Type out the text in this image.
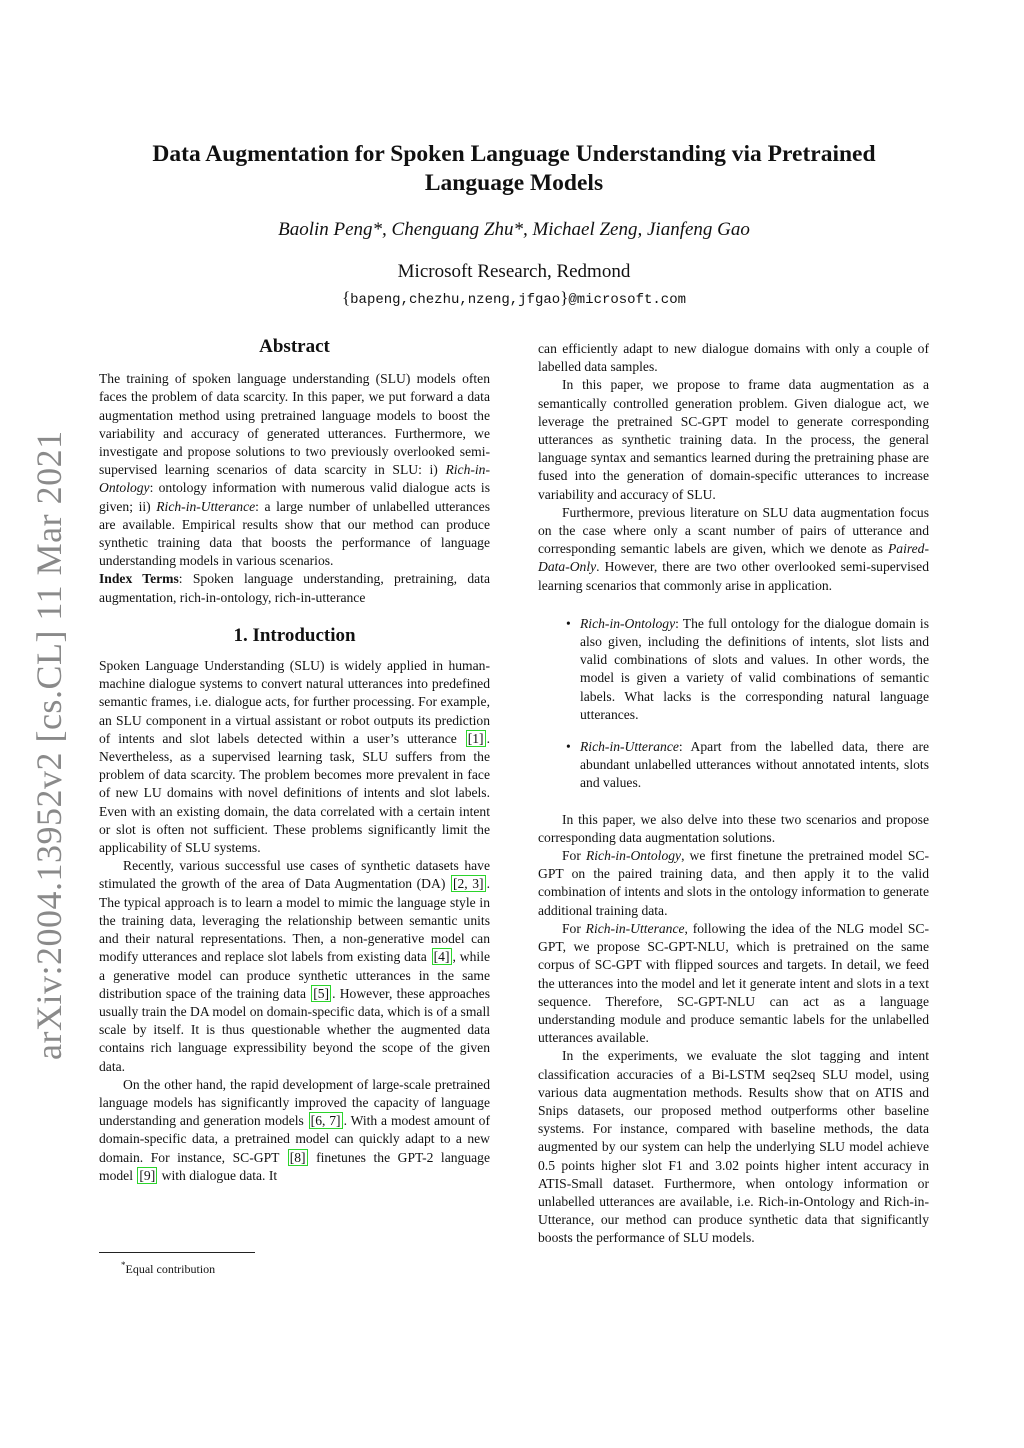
arXiv:2004.13952v2 [cs.CL] 11 Mar 2021
Data Augmentation for Spoken Language Understanding via Pretrained Language Models
Baolin Peng*, Chenguang Zhu*, Michael Zeng, Jianfeng Gao
Microsoft Research, Redmond
{bapeng,chezhu,nzeng,jfgao}@microsoft.com
Abstract

The training of spoken language understanding (SLU) models often faces the problem of data scarcity. In this paper, we put forward a data augmentation method using pretrained language models to boost the variability and accuracy of generated utterances. Furthermore, we investigate and propose solutions to two previously overlooked semi-supervised learning scenarios of data scarcity in SLU: i) Rich-in-Ontology: ontology information with numerous valid dialogue acts is given; ii) Rich-in-Utterance: a large number of unlabelled utterances are available. Empirical results show that our method can produce synthetic training data that boosts the performance of language understanding models in various scenarios.

Index Terms: Spoken language understanding, pretraining, data augmentation, rich-in-ontology, rich-in-utterance

1. Introduction

Spoken Language Understanding (SLU) is widely applied in human-machine dialogue systems to convert natural utterances into predefined semantic frames, i.e. dialogue acts, for further processing. For example, an SLU component in a virtual assistant or robot outputs its prediction of intents and slot labels detected within a user’s utterance [1] . Nevertheless, as a supervised learning task, SLU suffers from the problem of data scarcity. The problem becomes more prevalent in face of new LU domains with novel definitions of intents and slot labels. Even with an existing domain, the data correlated with a certain intent or slot is often not sufficient. These problems significantly limit the applicability of SLU systems.

Recently, various successful use cases of synthetic datasets have stimulated the growth of the area of Data Augmentation (DA) [2, 3] . The typical approach is to learn a model to mimic the language style in the training data, leveraging the relationship between semantic units and their natural representations. Then, a non-generative model can modify utterances and replace slot labels from existing data [4] , while a generative model can produce synthetic utterances in the same distribution space of the training data [5] . However, these approaches usually train the DA model on domain-specific data, which is of a small scale by itself. It is thus questionable whether the augmented data contains rich language expressibility beyond the scope of the given data.

On the other hand, the rapid development of large-scale pretrained language models has significantly improved the capacity of language understanding and generation models [6, 7] . With a modest amount of domain-specific data, a pretrained model can quickly adapt to a new domain. For instance, SC-GPT [8] finetunes the GPT-2 language model [9] with dialogue data. It

*Equal contribution

can efficiently adapt to new dialogue domains with only a couple of labelled data samples.

In this paper, we propose to frame data augmentation as a semantically controlled generation problem. Given dialogue act, we leverage the pretrained SC-GPT model to generate corresponding utterances as synthetic training data. In the process, the general language syntax and semantics learned during the pretraining phase are fused into the generation of domain-specific utterances to increase variability and accuracy of SLU.

Furthermore, previous literature on SLU data augmentation focus on the case where only a scant number of pairs of utterance and corresponding semantic labels are given, which we denote as Paired-Data-Only. However, there are two other overlooked semi-supervised learning scenarios that commonly arise in application.

• Rich-in-Ontology: The full ontology for the dialogue domain is also given, including the definitions of intents, slot lists and valid combinations of slots and values. In other words, the model is given a variety of valid combinations of semantic labels. What lacks is the corresponding natural language utterances.
• Rich-in-Utterance: Apart from the labelled data, there are abundant unlabelled utterances without annotated intents, slots and values.

In this paper, we also delve into these two scenarios and propose corresponding data augmentation solutions.

For Rich-in-Ontology, we first finetune the pretrained model SC-GPT on the paired training data, and then apply it to the valid combination of intents and slots in the ontology information to generate additional training data.

For Rich-in-Utterance, following the idea of the NLG model SC-GPT, we propose SC-GPT-NLU, which is pretrained on the same corpus of SC-GPT with flipped sources and targets. In detail, we feed the utterances into the model and let it generate intent and slots in a text sequence. Therefore, SC-GPT-NLU can act as a language understanding module and produce semantic labels for the unlabelled utterances available.

In the experiments, we evaluate the slot tagging and intent classification accuracies of a Bi-LSTM seq2seq SLU model, using various data augmentation methods. Results show that on ATIS and Snips datasets, our proposed method outperforms other baseline systems. For instance, compared with baseline methods, the data augmented by our system can help the underlying SLU model achieve 0.5 points higher slot F1 and 3.02 points higher intent accuracy in ATIS-Small dataset. Furthermore, when ontology information or unlabelled utterances are available, i.e. Rich-in-Ontology and Rich-in-Utterance, our method can produce synthetic data that significantly boosts the performance of SLU models.
